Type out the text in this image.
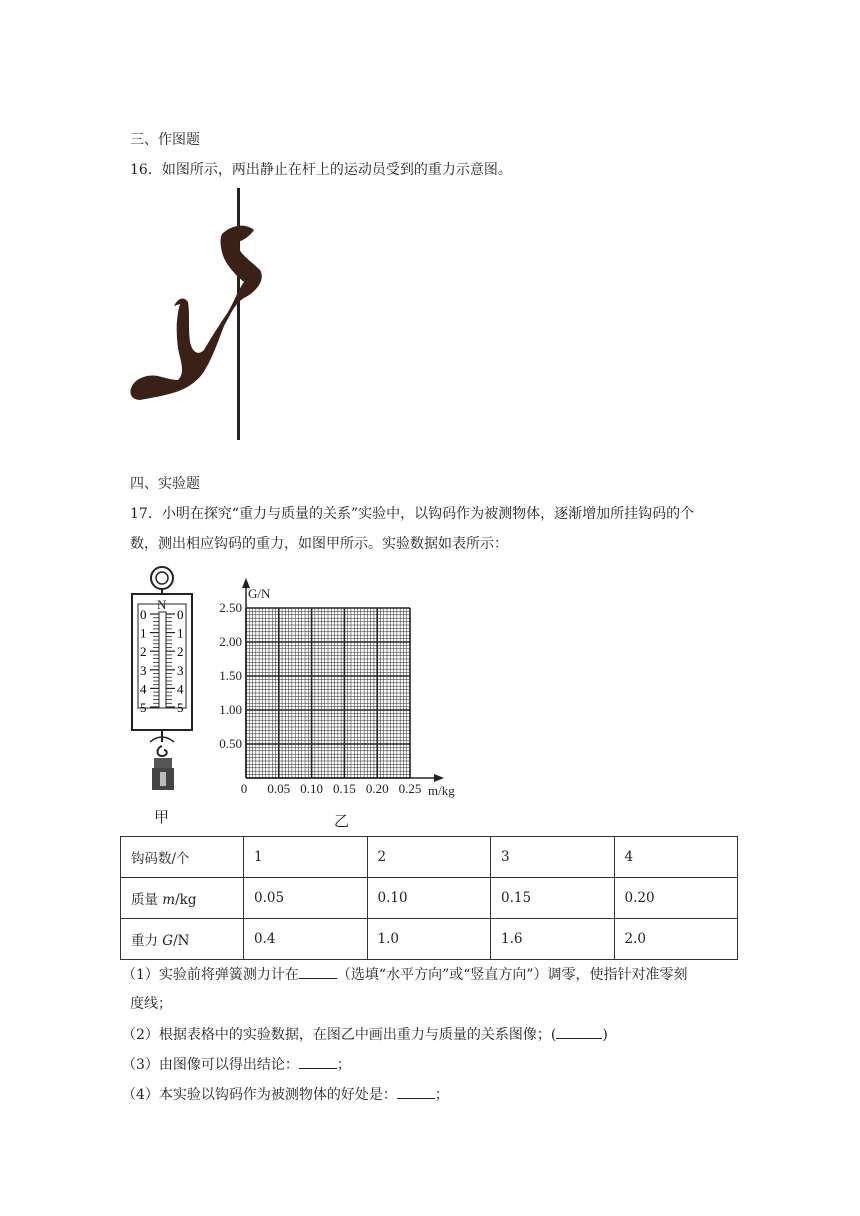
三、作图题
16．如图所示，两出静止在杆上的运动员受到的重力示意图。
四、实验题
17．小明在探究“重力与质量的关系”实验中，以钩码作为被测物体，逐渐增加所挂钩码的个
数，测出相应钩码的重力，如图甲所示。实验数据如表所示：
N
0 0
1 1
2 2
3 3
4 4
5 5
甲
G/N
m/kg
0.50
1.00
1.50
2.00
2.50
0 0.05 0.10 0.15 0.20 0.25
乙
钩码数/个	1	2	3	4
质量 m/kg	0.05	0.10	0.15	0.20
重力 G/N	0.4	1.0	1.6	2.0
（1）实验前将弹簧测力计在	（选填“水平方向”或“竖直方向”）调零，使指针对准零刻
度线；
（2）根据表格中的实验数据，在图乙中画出重力与质量的关系图像；(	)
（3）由图像可以得出结论：	；
（4）本实验以钩码作为被测物体的好处是：	；
